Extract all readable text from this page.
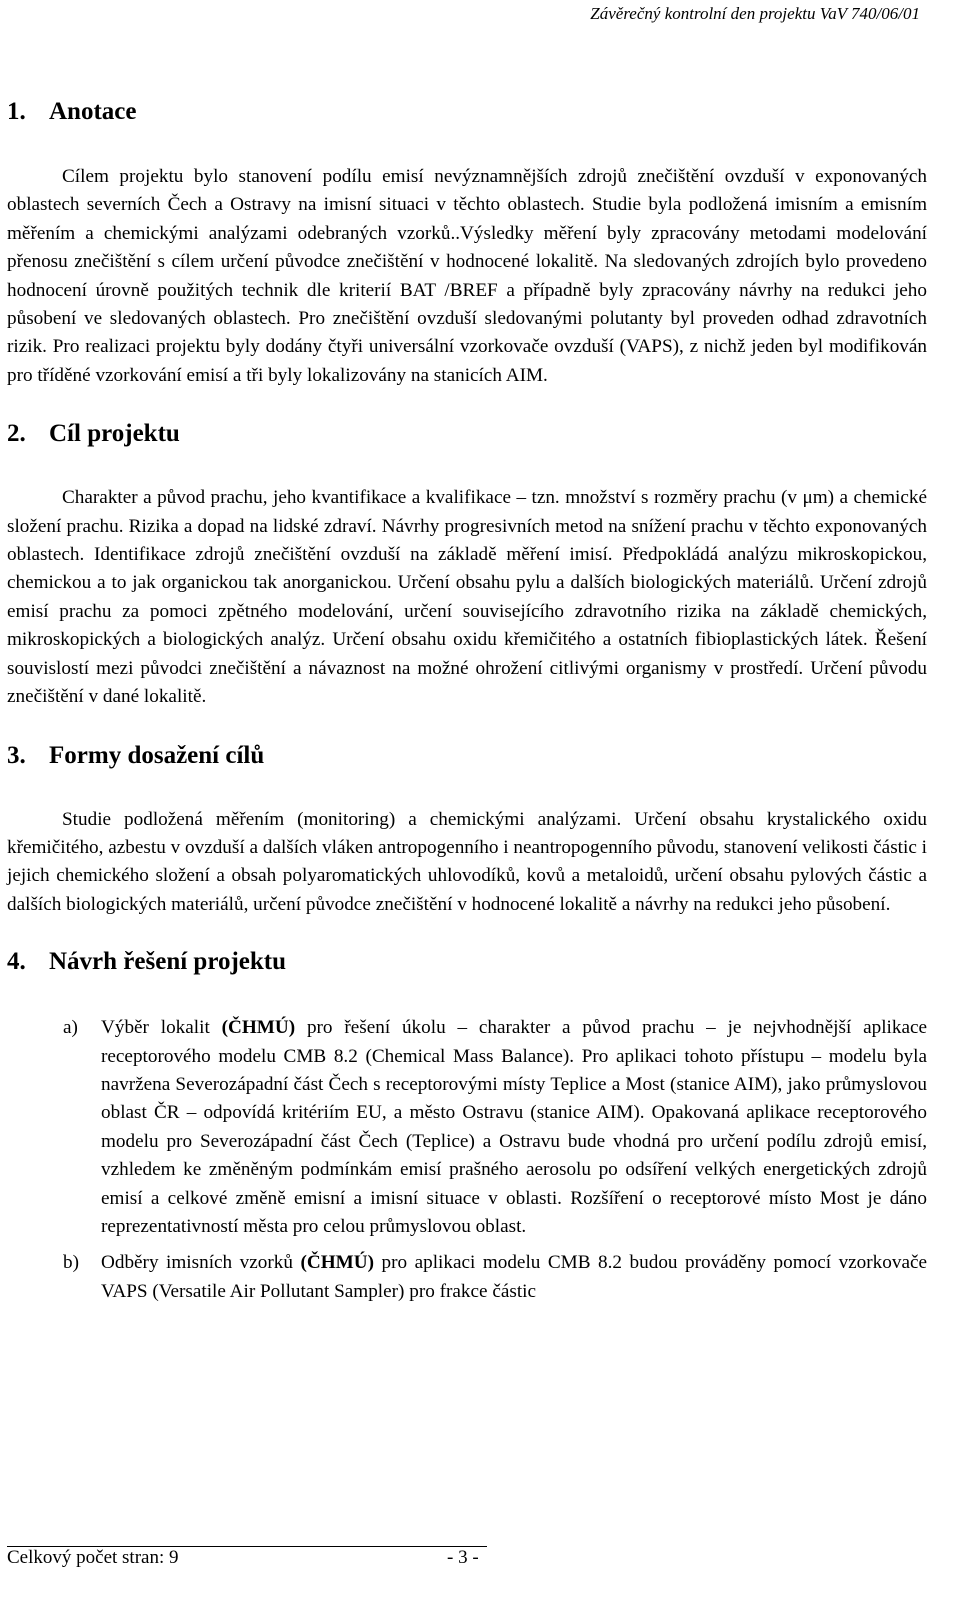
Závěrečný kontrolní den projektu VaV 740/06/01
1. Anotace

Cílem projektu bylo stanovení podílu emisí nevýznamnějších zdrojů znečištění ovzduší v exponovaných oblastech severních Čech a Ostravy na imisní situaci v těchto oblastech. Studie byla podložená imisním a emisním měřením a chemickými analýzami odebraných vzorků..Výsledky měření byly zpracovány metodami modelování přenosu znečištění s cílem určení původce znečištění v hodnocené lokalitě. Na sledovaných zdrojích bylo provedeno hodnocení úrovně použitých technik dle kriterií BAT /BREF a případně byly zpracovány návrhy na redukci jeho působení ve sledovaných oblastech. Pro znečištění ovzduší sledovanými polutanty byl proveden odhad zdravotních rizik. Pro realizaci projektu byly dodány čtyři universální vzorkovače ovzduší (VAPS), z nichž jeden byl modifikován pro tříděné vzorkování emisí a tři byly lokalizovány na stanicích AIM.

2. Cíl projektu

Charakter a původ prachu, jeho kvantifikace a kvalifikace – tzn. množství s rozměry prachu (v μm) a chemické složení prachu. Rizika a dopad na lidské zdraví. Návrhy progresivních metod na snížení prachu v těchto exponovaných oblastech. Identifikace zdrojů znečištění ovzduší na základě měření imisí. Předpokládá analýzu mikroskopickou, chemickou a to jak organickou tak anorganickou. Určení obsahu pylu a dalších biologických materiálů. Určení zdrojů emisí prachu za pomoci zpětného modelování, určení souvisejícího zdravotního rizika na základě chemických, mikroskopických a biologických analýz. Určení obsahu oxidu křemičitého a ostatních fibioplastických látek. Řešení souvislostí mezi původci znečištění a návaznost na možné ohrožení citlivými organismy v prostředí. Určení původu znečištění v dané lokalitě.

3. Formy dosažení cílů

Studie podložená měřením (monitoring) a chemickými analýzami. Určení obsahu krystalického oxidu křemičitého, azbestu v ovzduší a dalších vláken antropogenního i neantropogenního původu, stanovení velikosti částic i jejich chemického složení a obsah polyaromatických uhlovodíků, kovů a metaloidů, určení obsahu pylových částic a dalších biologických materiálů, určení původce znečištění v hodnocené lokalitě a návrhy na redukci jeho působení.

4. Návrh řešení projektu
a) Výběr lokalit (ČHMÚ) pro řešení úkolu – charakter a původ prachu – je nejvhodnější aplikace receptorového modelu CMB 8.2 (Chemical Mass Balance). Pro aplikaci tohoto přístupu – modelu byla navržena Severozápadní část Čech s receptorovými místy Teplice a Most (stanice AIM), jako průmyslovou oblast ČR – odpovídá kritériím EU, a město Ostravu (stanice AIM). Opakovaná aplikace receptorového modelu pro Severozápadní část Čech (Teplice) a Ostravu bude vhodná pro určení podílu zdrojů emisí, vzhledem ke změněným podmínkám emisí prašného aerosolu po odsíření velkých energetických zdrojů emisí a celkové změně emisní a imisní situace v oblasti. Rozšíření o receptorové místo Most je dáno reprezentativností města pro celou průmyslovou oblast.
b) Odběry imisních vzorků (ČHMÚ) pro aplikaci modelu CMB 8.2 budou prováděny pomocí vzorkovače VAPS (Versatile Air Pollutant Sampler) pro frakce částic
Celkový počet stran: 9	- 3 -
